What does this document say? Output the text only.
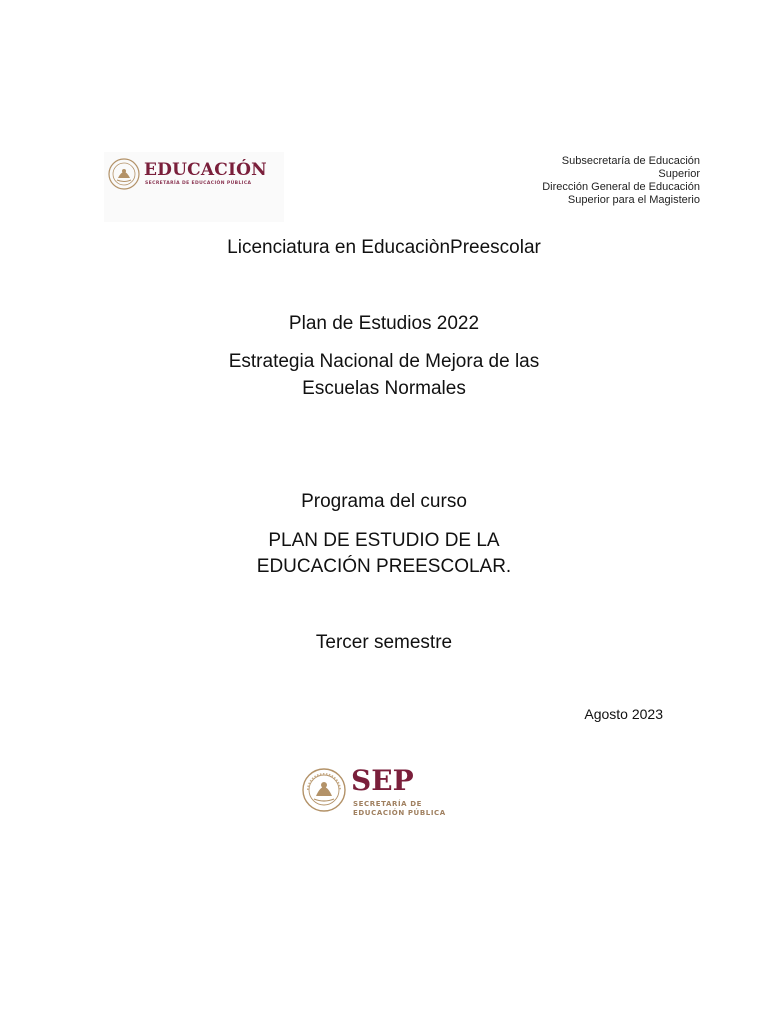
EDUCACIÓN
SECRETARÍA DE EDUCACIÓN PÚBLICA
Subsecretaría de Educación
Superior
Dirección General de Educación
Superior para el Magisterio
Licenciatura en EducaciònPreescolar
Plan de Estudios 2022
Estrategia Nacional de Mejora de las
Escuelas Normales
Programa del curso
PLAN DE ESTUDIO DE LA
EDUCACIÓN PREESCOLAR.
Tercer semestre
Agosto 2023
SEP
SECRETARÍA DE
EDUCACIÓN PÚBLICA
